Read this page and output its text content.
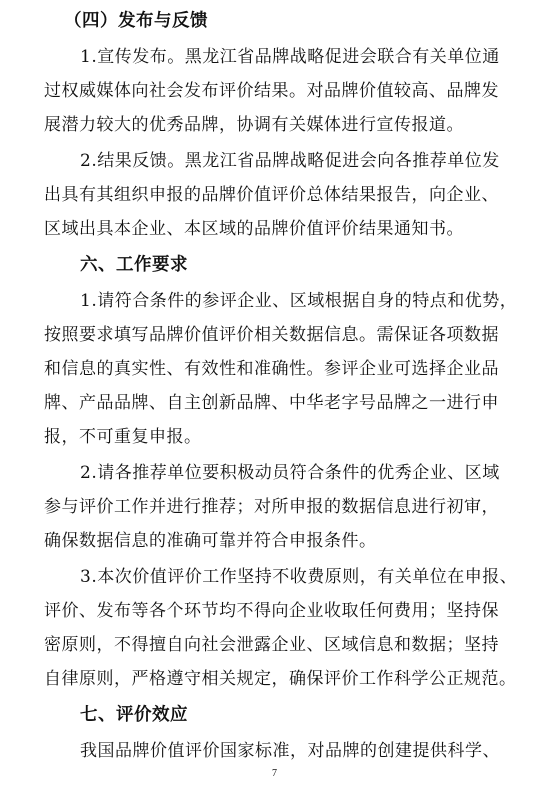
（四）发布与反馈
1.宣传发布。黑龙江省品牌战略促进会联合有关单位通
过权威媒体向社会发布评价结果。对品牌价值较高、品牌发
展潜力较大的优秀品牌，协调有关媒体进行宣传报道。
2.结果反馈。黑龙江省品牌战略促进会向各推荐单位发
出具有其组织申报的品牌价值评价总体结果报告，向企业、
区域出具本企业、本区域的品牌价值评价结果通知书。
六、工作要求
1.请符合条件的参评企业、区域根据自身的特点和优势，
按照要求填写品牌价值评价相关数据信息。需保证各项数据
和信息的真实性、有效性和准确性。参评企业可选择企业品
牌、产品品牌、自主创新品牌、中华老字号品牌之一进行申
报，不可重复申报。
2.请各推荐单位要积极动员符合条件的优秀企业、区域
参与评价工作并进行推荐；对所申报的数据信息进行初审，
确保数据信息的准确可靠并符合申报条件。
3.本次价值评价工作坚持不收费原则，有关单位在申报、
评价、发布等各个环节均不得向企业收取任何费用；坚持保
密原则，不得擅自向社会泄露企业、区域信息和数据；坚持
自律原则，严格遵守相关规定，确保评价工作科学公正规范。
七、评价效应
我国品牌价值评价国家标准，对品牌的创建提供科学、
7
